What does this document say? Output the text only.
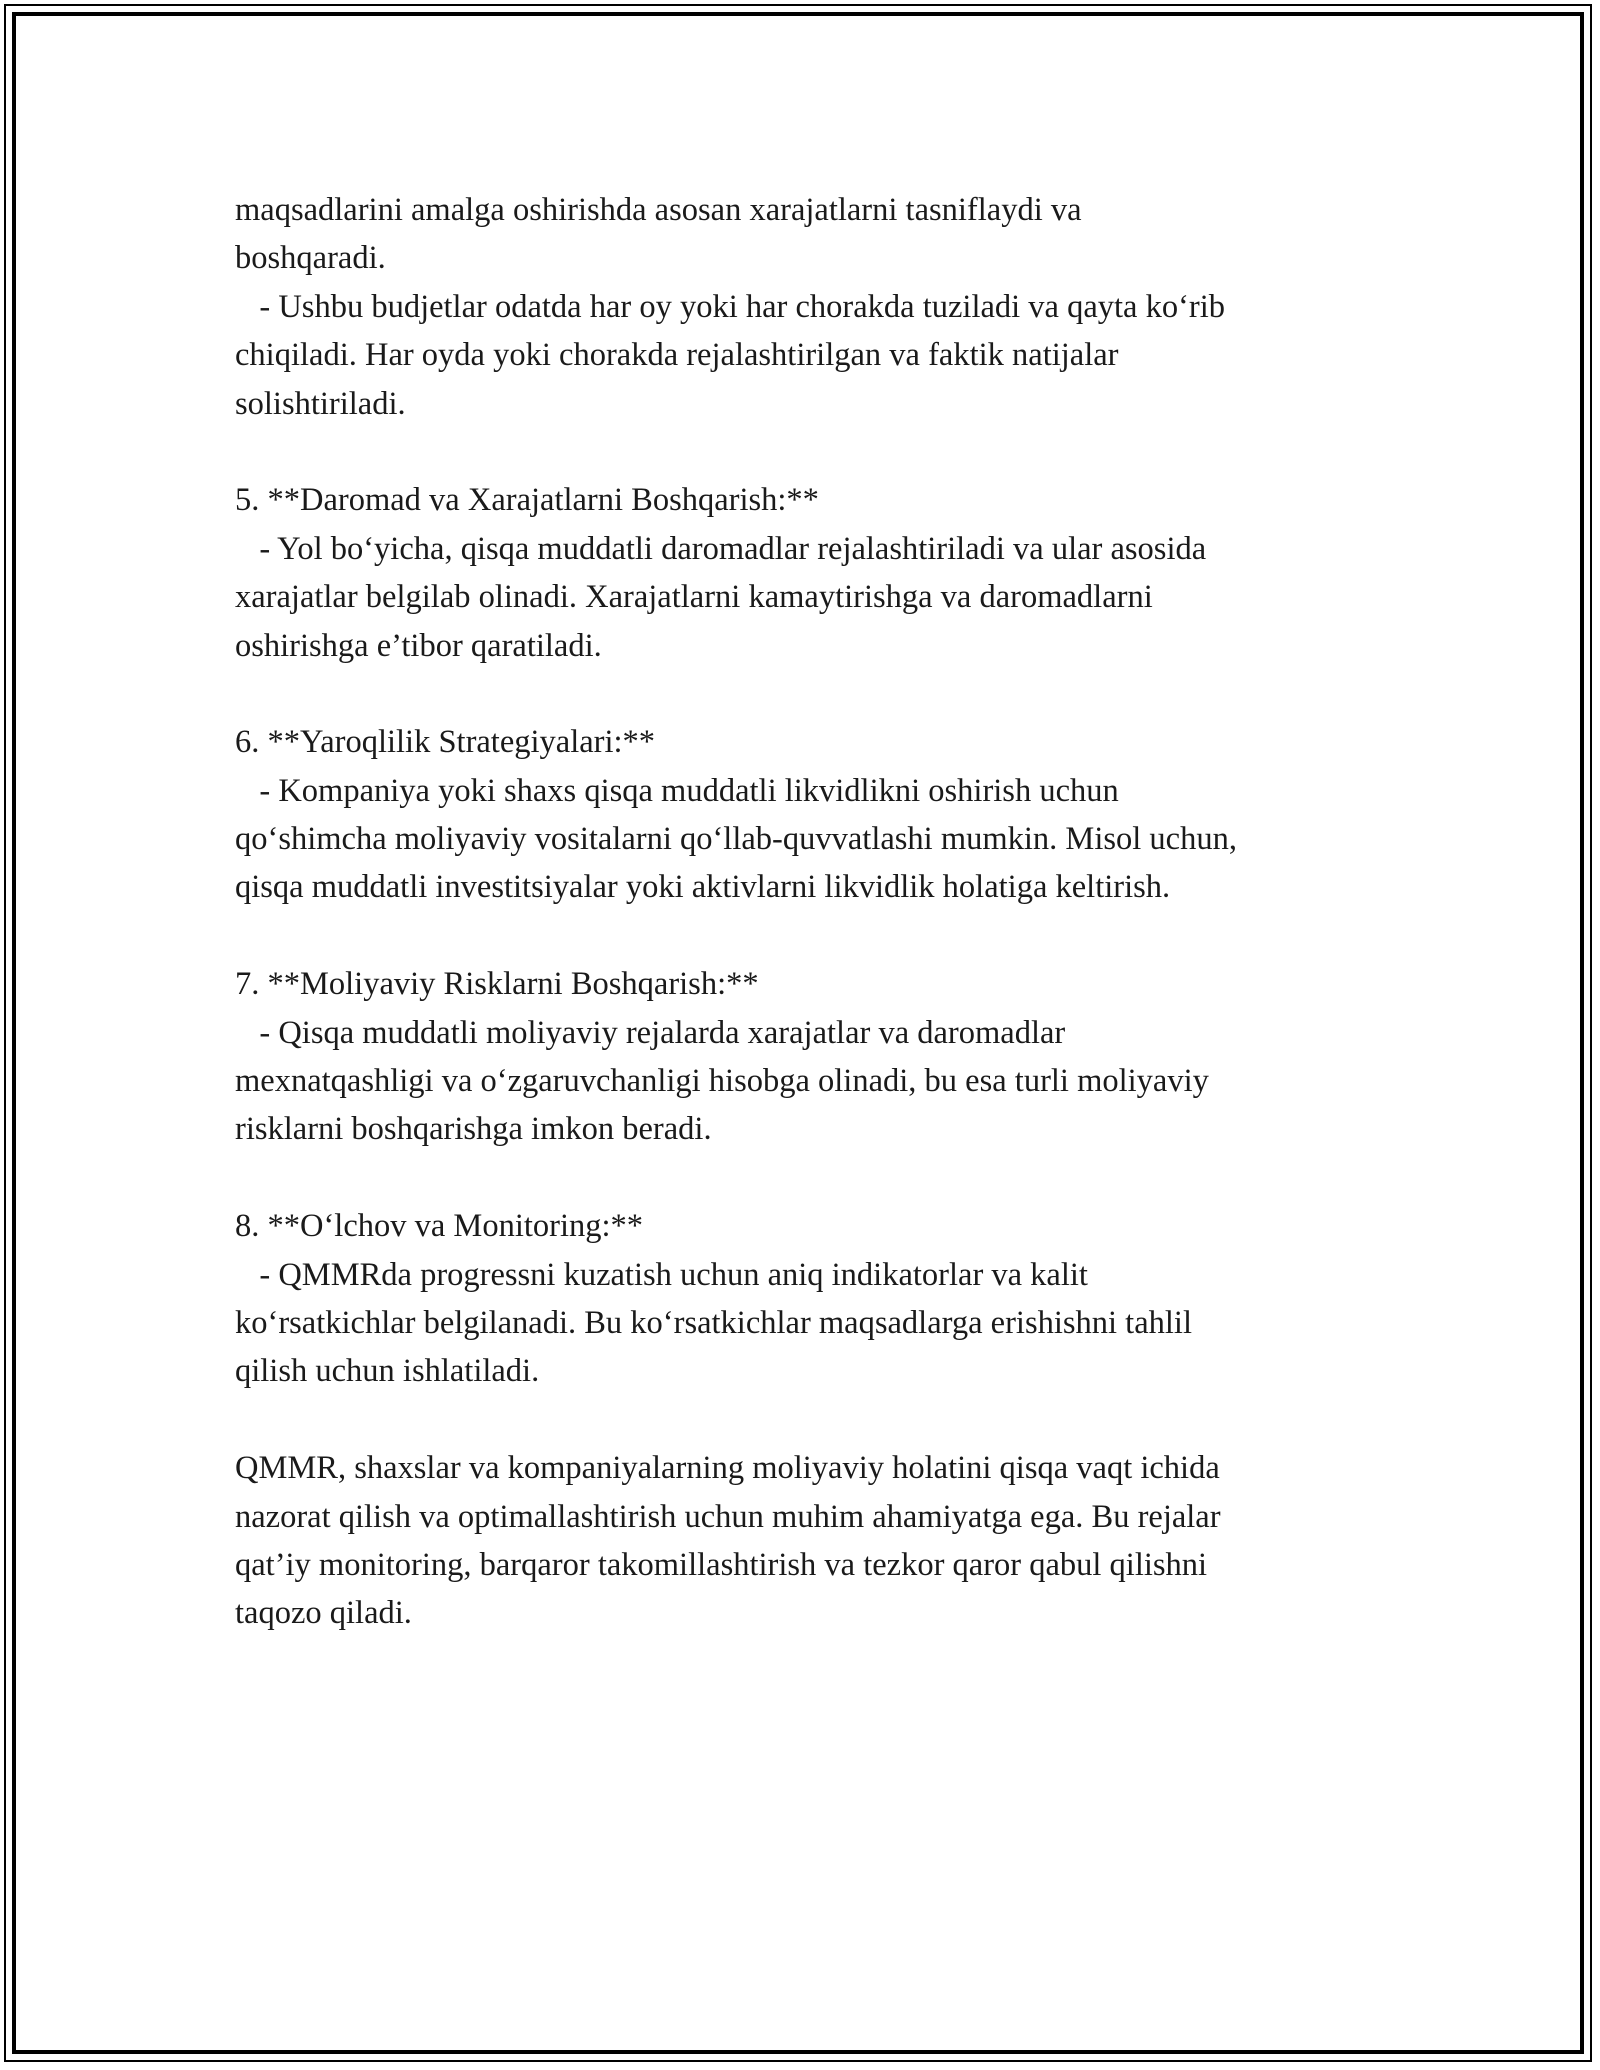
maqsadlarini amalga oshirishda asosan xarajatlarni tasniflaydi va
boshqaradi.
- Ushbu budjetlar odatda har oy yoki har chorakda tuziladi va qayta ko‘rib
chiqiladi. Har oyda yoki chorakda rejalashtirilgan va faktik natijalar
solishtiriladi.
5. **Daromad va Xarajatlarni Boshqarish:**
- Yol bo‘yicha, qisqa muddatli daromadlar rejalashtiriladi va ular asosida
xarajatlar belgilab olinadi. Xarajatlarni kamaytirishga va daromadlarni
oshirishga e’tibor qaratiladi.
6. **Yaroqlilik Strategiyalari:**
- Kompaniya yoki shaxs qisqa muddatli likvidlikni oshirish uchun
qo‘shimcha moliyaviy vositalarni qo‘llab-quvvatlashi mumkin. Misol uchun,
qisqa muddatli investitsiyalar yoki aktivlarni likvidlik holatiga keltirish.
7. **Moliyaviy Risklarni Boshqarish:**
- Qisqa muddatli moliyaviy rejalarda xarajatlar va daromadlar
mexnatqashligi va o‘zgaruvchanligi hisobga olinadi, bu esa turli moliyaviy
risklarni boshqarishga imkon beradi.
8. **O‘lchov va Monitoring:**
- QMMRda progressni kuzatish uchun aniq indikatorlar va kalit
ko‘rsatkichlar belgilanadi. Bu ko‘rsatkichlar maqsadlarga erishishni tahlil
qilish uchun ishlatiladi.
QMMR, shaxslar va kompaniyalarning moliyaviy holatini qisqa vaqt ichida
nazorat qilish va optimallashtirish uchun muhim ahamiyatga ega. Bu rejalar
qat’iy monitoring, barqaror takomillashtirish va tezkor qaror qabul qilishni
taqozo qiladi.
